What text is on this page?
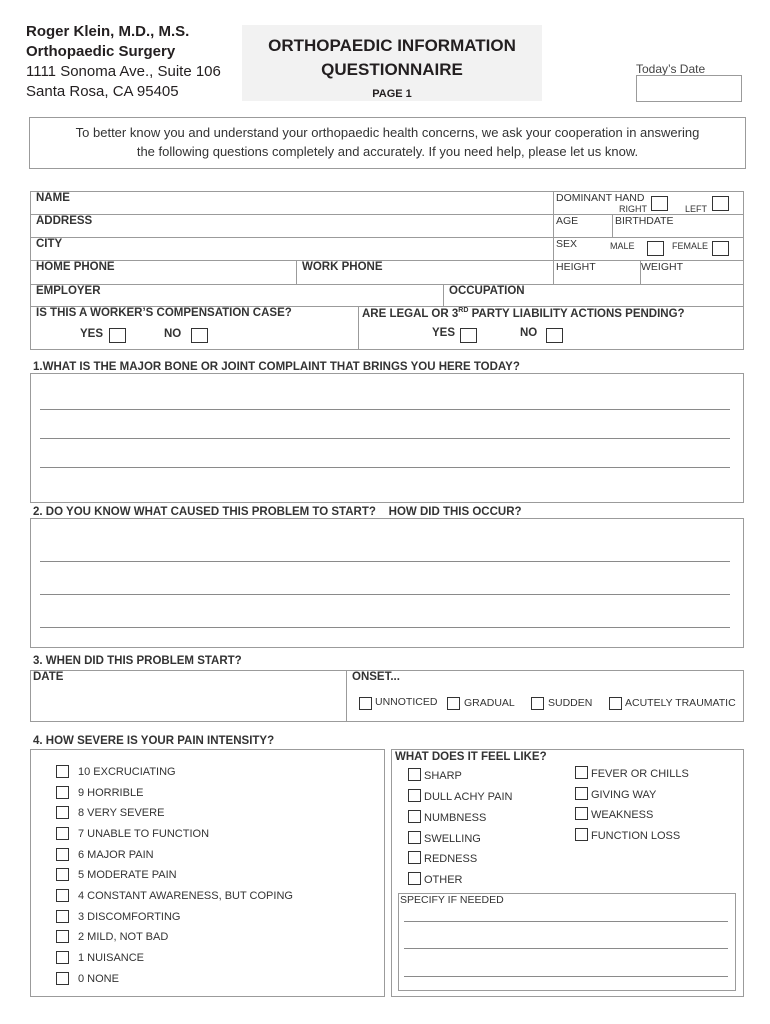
Roger Klein, M.D., M.S.
Orthopaedic Surgery
1111 Sonoma Ave., Suite 106
Santa Rosa, CA 95405
ORTHOPAEDIC INFORMATION
QUESTIONNAIRE
PAGE 1
Today’s Date
To better know you and understand your orthopaedic health concerns, we ask your cooperation in answering
the following questions completely and accurately. If you need help, please let us know.
NAME
ADDRESS
CITY
HOME PHONE	WORK PHONE
EMPLOYER	OCCUPATION
DOMINANT HAND
RIGHT	LEFT
AGE	BIRTHDATE
SEX	MALE	FEMALE
HEIGHT	WEIGHT
IS THIS A WORKER’S COMPENSATION CASE?
YES	NO
ARE LEGAL OR 3RD PARTY LIABILITY ACTIONS PENDING?
YES	NO
1.WHAT IS THE MAJOR BONE OR JOINT COMPLAINT THAT BRINGS YOU HERE TODAY?
2. DO YOU KNOW WHAT CAUSED THIS PROBLEM TO START? HOW DID THIS OCCUR?
3. WHEN DID THIS PROBLEM START?
DATE	ONSET...
UNNOTICED	GRADUAL	SUDDEN	ACUTELY TRAUMATIC
4. HOW SEVERE IS YOUR PAIN INTENSITY?
10 EXCRUCIATING
9 HORRIBLE
8 VERY SEVERE
7 UNABLE TO FUNCTION
6 MAJOR PAIN
5 MODERATE PAIN
4 CONSTANT AWARENESS, BUT COPING
3 DISCOMFORTING
2 MILD, NOT BAD
1 NUISANCE
0 NONE
WHAT DOES IT FEEL LIKE?
SHARP
DULL ACHY PAIN
NUMBNESS
SWELLING
REDNESS
OTHER
FEVER OR CHILLS
GIVING WAY
WEAKNESS
FUNCTION LOSS
SPECIFY IF NEEDED
